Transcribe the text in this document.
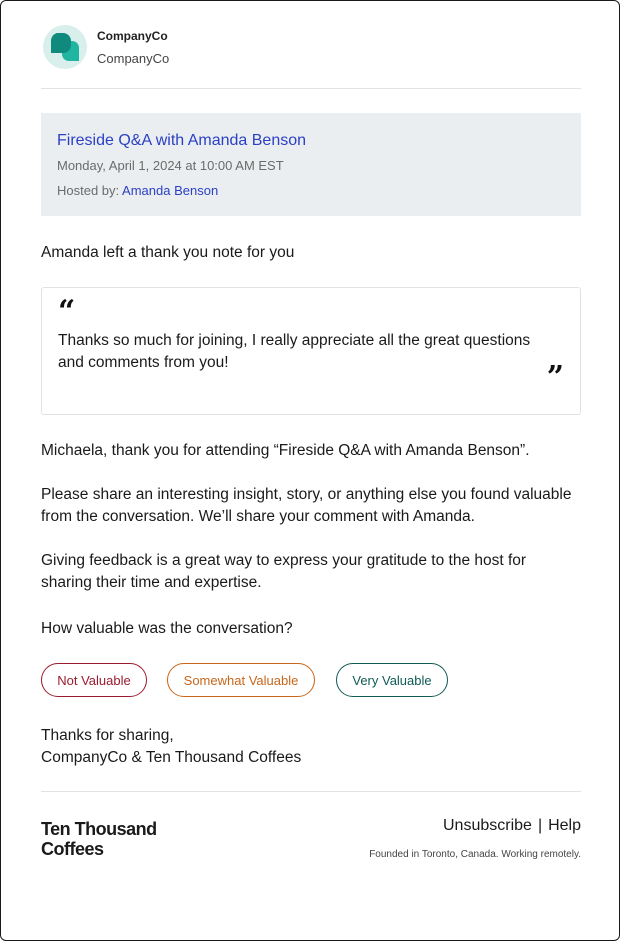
CompanyCo
CompanyCo
Fireside Q&A with Amanda Benson
Monday, April 1, 2024 at 10:00 AM EST
Hosted by: Amanda Benson
Amanda left a thank you note for you
“
Thanks so much for joining, I really appreciate all the great questions and comments from you!	”
Michaela, thank you for attending “Fireside Q&A with Amanda Benson”.
Please share an interesting insight, story, or anything else you found valuable from the conversation. We’ll share your comment with Amanda.
Giving feedback is a great way to express your gratitude to the host for sharing their time and expertise.
How valuable was the conversation?
Not Valuable	Somewhat Valuable	Very Valuable
Thanks for sharing,
CompanyCo & Ten Thousand Coffees
Ten Thousand
Coffees
Unsubscribe | Help
Founded in Toronto, Canada. Working remotely.
